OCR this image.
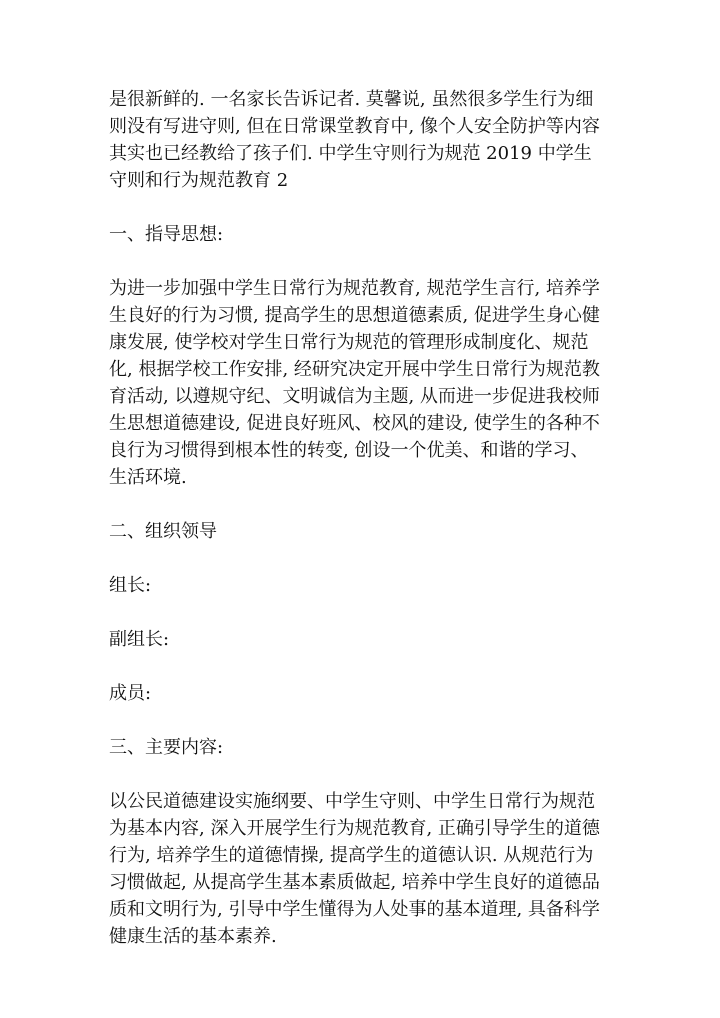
是很新鲜的. 一名家长告诉记者. 莫馨说, 虽然很多学生行为细则没有写进守则, 但在日常课堂教育中, 像个人安全防护等内容其实也已经教给了孩子们. 中学生守则行为规范 2019 中学生守则和行为规范教育 2

一、指导思想:

为进一步加强中学生日常行为规范教育, 规范学生言行, 培养学生良好的行为习惯, 提高学生的思想道德素质, 促进学生身心健康发展, 使学校对学生日常行为规范的管理形成制度化、规范化, 根据学校工作安排, 经研究决定开展中学生日常行为规范教育活动, 以遵规守纪、文明诚信为主题, 从而进一步促进我校师生思想道德建设, 促进良好班风、校风的建设, 使学生的各种不良行为习惯得到根本性的转变, 创设一个优美、和谐的学习、生活环境.

二、组织领导

组长:

副组长:

成员:

三、主要内容:

以公民道德建设实施纲要、中学生守则、中学生日常行为规范为基本内容, 深入开展学生行为规范教育, 正确引导学生的道德行为, 培养学生的道德情操, 提高学生的道德认识. 从规范行为习惯做起, 从提高学生基本素质做起, 培养中学生良好的道德品质和文明行为, 引导中学生懂得为人处事的基本道理, 具备科学健康生活的基本素养.
